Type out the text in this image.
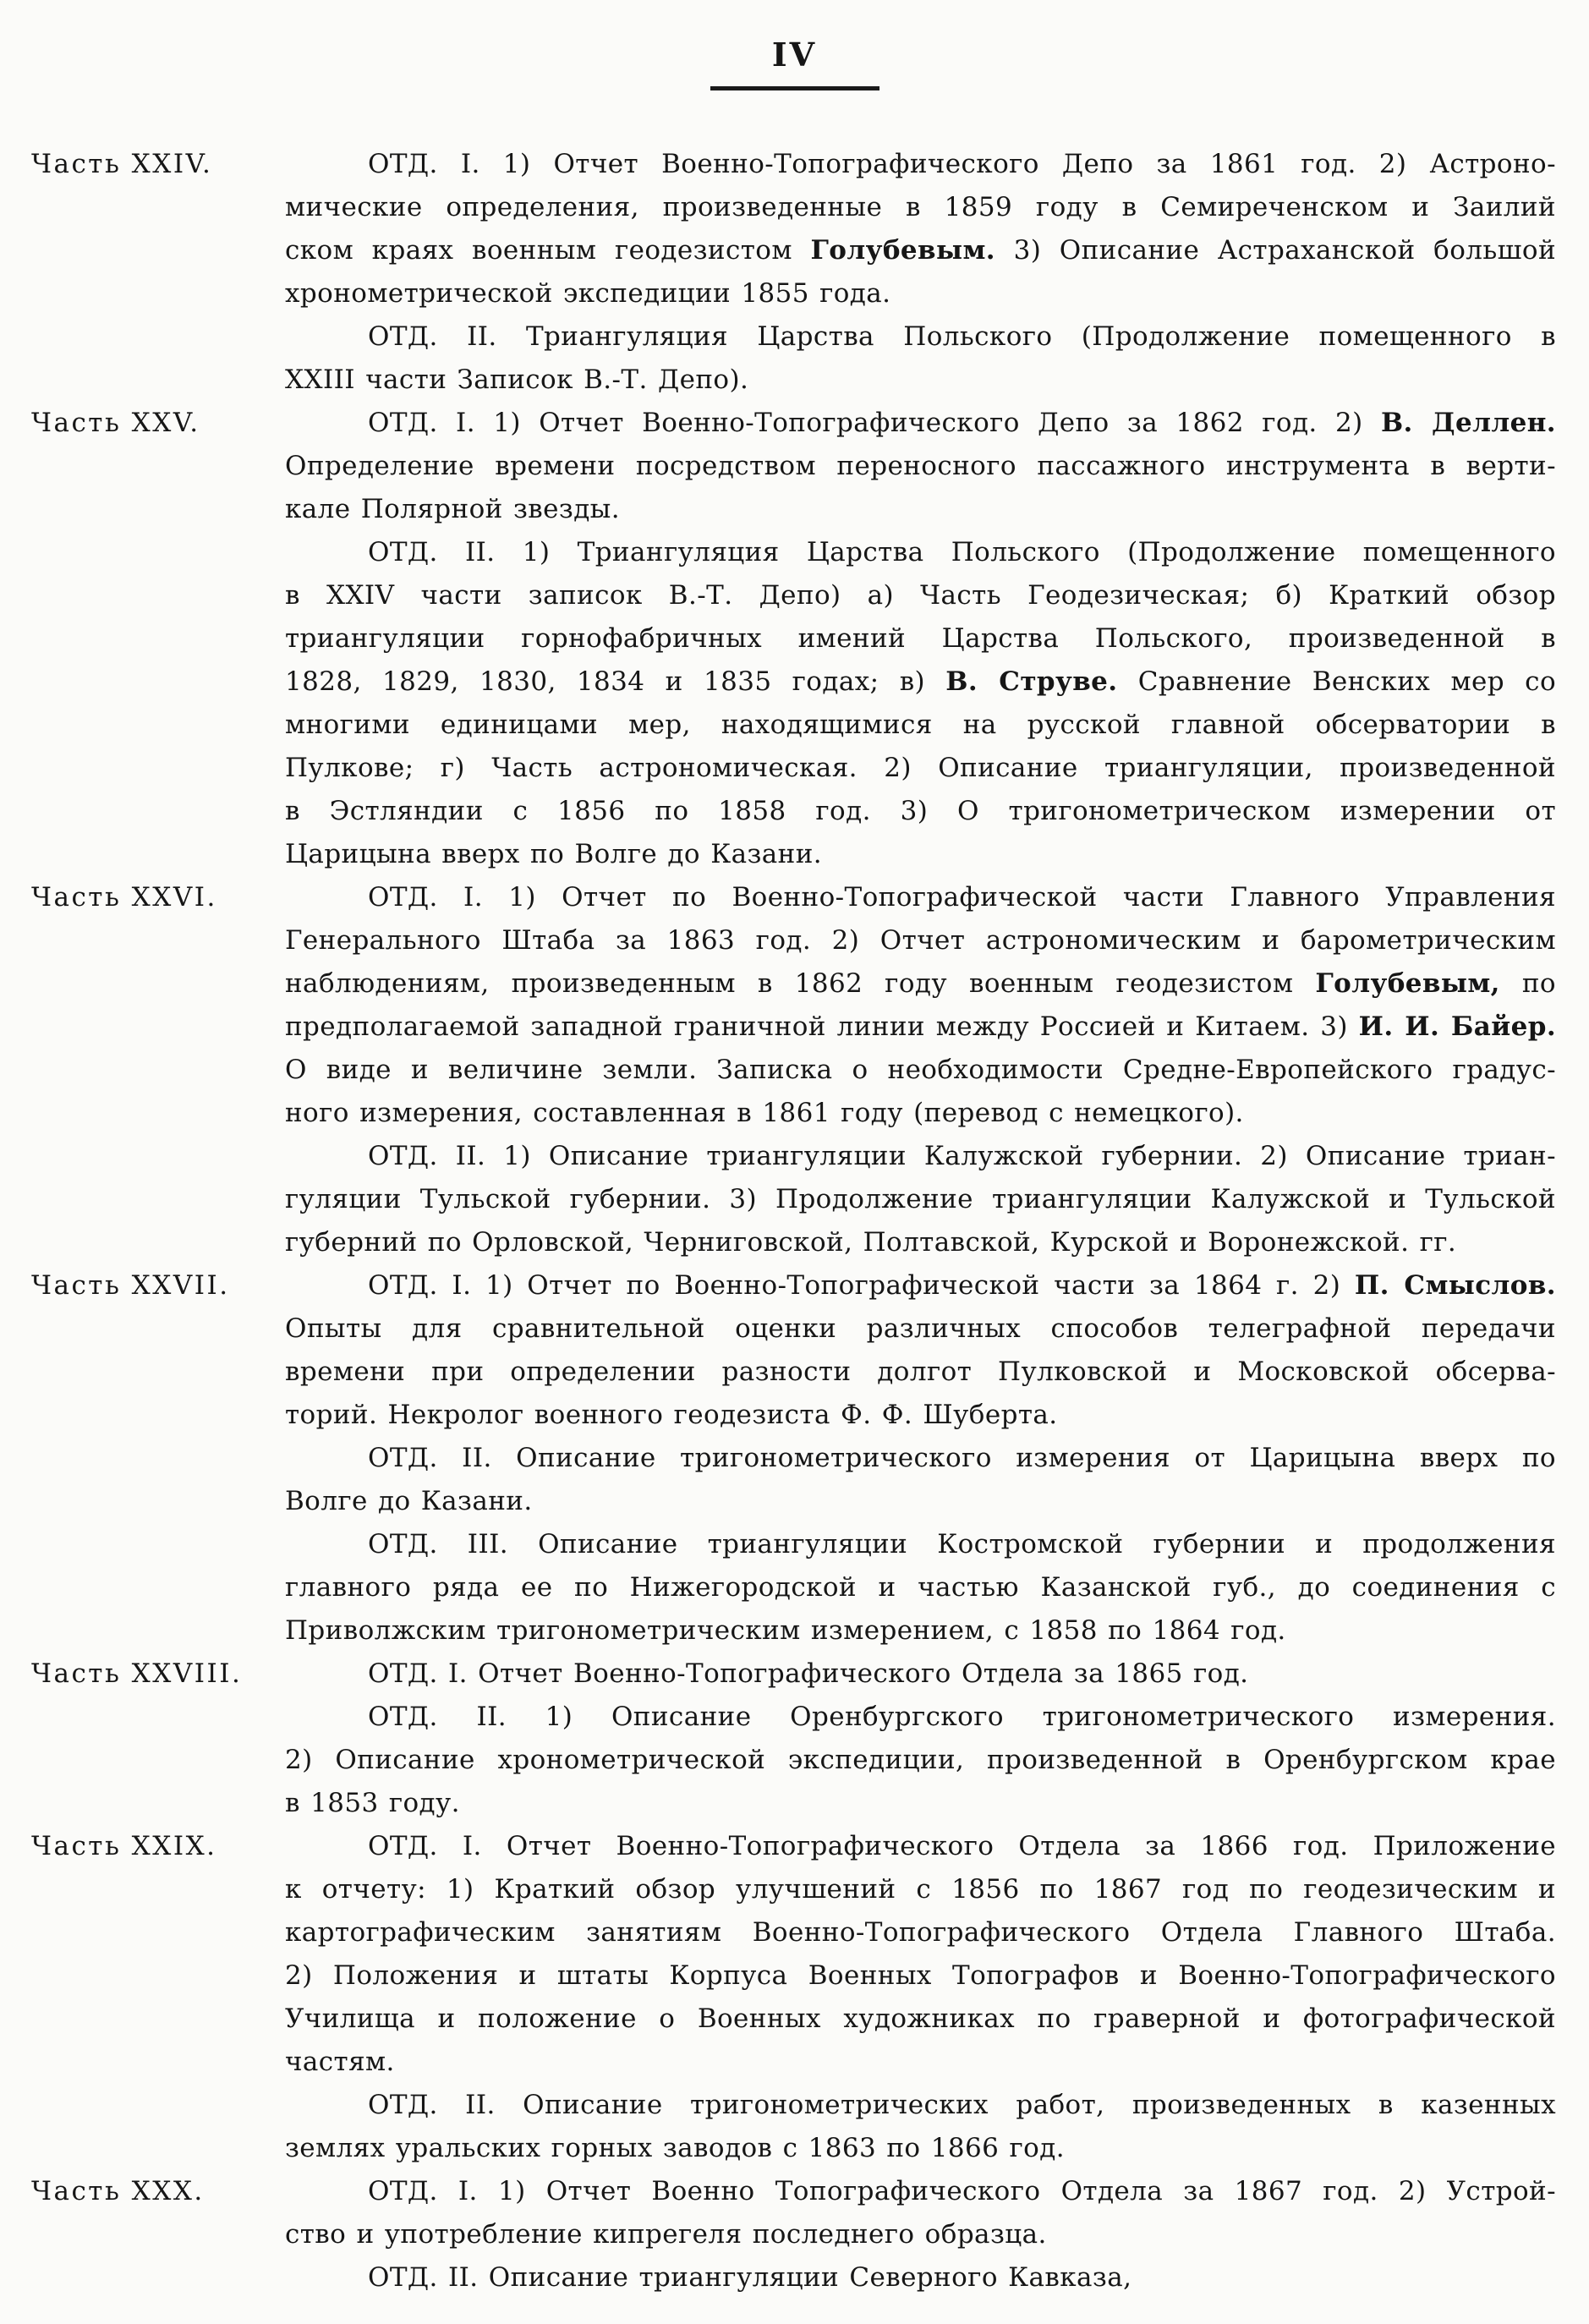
IV
Часть XXIV.	ОТД. I. 1) Отчет Военно-Топографического Депо за 1861 год. 2) Астроно-
мические определения, произведенные в 1859 году в Семиреченском и Заилий
ском краях военным геодезистом Голубевым. 3) Описание Астраханской большой
хронометрической экспедиции 1855 года.
ОТД. II. Триангуляция Царства Польского (Продолжение помещенного в
XXIII части Записок В.-Т. Депо).
Часть XXV.	ОТД. I. 1) Отчет Военно-Топографического Депо за 1862 год. 2) В. Деллен.
Определение времени посредством переносного пассажного инструмента в верти-
кале Полярной звезды.
ОТД. II. 1) Триангуляция Царства Польского (Продолжение помещенного
в XXIV части записок В.-Т. Депо) а) Часть Геодезическая; б) Краткий обзор
триангуляции горнофабричных имений Царства Польского, произведенной в
1828, 1829, 1830, 1834 и 1835 годах; в) В. Струве. Сравнение Венских мер со
многими единицами мер, находящимися на русской главной обсерватории в
Пулкове; г) Часть астрономическая. 2) Описание триангуляции, произведенной
в Эстляндии с 1856 по 1858 год. 3) О тригонометрическом измерении от
Царицына вверх по Волге до Казани.
Часть XXVI.	ОТД. I. 1) Отчет по Военно-Топографической части Главного Управления
Генерального Штаба за 1863 год. 2) Отчет астрономическим и барометрическим
наблюдениям, произведенным в 1862 году военным геодезистом Голубевым, по
предполагаемой западной граничной линии между Россией и Китаем. 3) И. И. Байер.
О виде и величине земли. Записка о необходимости Средне-Европейского градус-
ного измерения, составленная в 1861 году (перевод с немецкого).
ОТД. II. 1) Описание триангуляции Калужской губернии. 2) Описание триан-
гуляции Тульской губернии. 3) Продолжение триангуляции Калужской и Тульской
губерний по Орловской, Черниговской, Полтавской, Курской и Воронежской. гг.
Часть XXVII.	ОТД. I. 1) Отчет по Военно-Топографической части за 1864 г. 2) П. Смыслов.
Опыты для сравнительной оценки различных способов телеграфной передачи
времени при определении разности долгот Пулковской и Московской обсерва-
торий. Некролог военного геодезиста Ф. Ф. Шуберта.
ОТД. II. Описание тригонометрического измерения от Царицына вверх по
Волге до Казани.
ОТД. III. Описание триангуляции Костромской губернии и продолжения
главного ряда ее по Нижегородской и частью Казанской губ., до соединения с
Приволжским тригонометрическим измерением, с 1858 по 1864 год.
Часть XXVIII.	ОТД. I. Отчет Военно-Топографического Отдела за 1865 год.
ОТД. II. 1) Описание Оренбургского тригонометрического измерения.
2) Описание хронометрической экспедиции, произведенной в Оренбургском крае
в 1853 году.
Часть XXIX.	ОТД. I. Отчет Военно-Топографического Отдела за 1866 год. Приложение
к отчету: 1) Краткий обзор улучшений с 1856 по 1867 год по геодезическим и
картографическим занятиям Военно-Топографического Отдела Главного Штаба.
2) Положения и штаты Корпуса Военных Топографов и Военно-Топографического
Училища и положение о Военных художниках по граверной и фотографической
частям.
ОТД. II. Описание тригонометрических работ, произведенных в казенных
землях уральских горных заводов с 1863 по 1866 год.
Часть XXX.	ОТД. I. 1) Отчет Военно Топографического Отдела за 1867 год. 2) Устрой-
ство и употребление кипрегеля последнего образца.
ОТД. II. Описание триангуляции Северного Кавказа,
